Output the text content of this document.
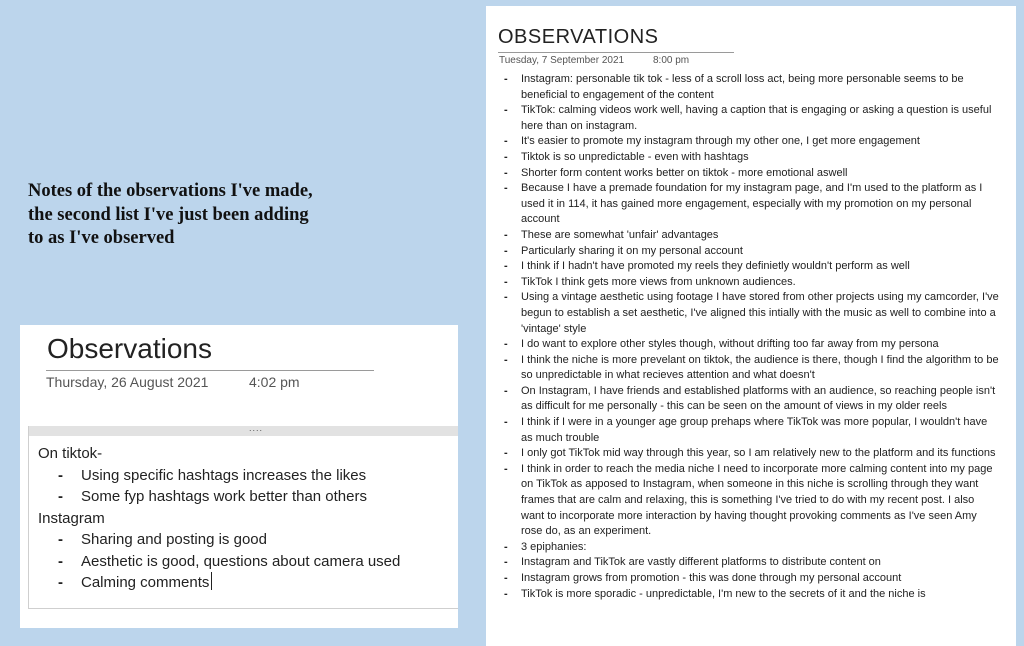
Notes of the observations I've made, the second list I've just been adding to as I've observed
OBSERVATIONS
Tuesday, 7 September 2021	8:00 pm
- Instagram: personable tik tok - less of a scroll loss act, being more personable seems to be beneficial to engagement of the content
- TikTok: calming videos work well, having a caption that is engaging or asking a question is useful here than on instagram.
- It's easier to promote my instagram through my other one, I get more engagement
- Tiktok is so unpredictable - even with hashtags
- Shorter form content works better on tiktok - more emotional aswell
- Because I have a premade foundation for my instagram page, and I'm used to the platform as I used it in 114, it has gained more engagement, especially with my promotion on my personal account
- These are somewhat 'unfair' advantages
- Particularly sharing it on my personal account
- I think if I hadn't have promoted my reels they definietly wouldn't perform as well
- TikTok I think gets more views from unknown audiences.
- Using a vintage aesthetic using footage I have stored from other projects using my camcorder, I've begun to establish a set aesthetic, I've aligned this intially with the music as well to combine into a 'vintage' style
- I do want to explore other styles though, without drifting too far away from my persona
- I think the niche is more prevelant on tiktok, the audience is there, though I find the algorithm to be so unpredictable in what recieves attention and what doesn't
- On Instagram, I have friends and established platforms with an audience, so reaching people isn't as difficult for me personally - this can be seen on the amount of views in my older reels
- I think if I were in a younger age group prehaps where TikTok was more popular, I wouldn't have as much trouble
- I only got TikTok mid way through this year, so I am relatively new to the platform and its functions
- I think in order to reach the media niche I need to incorporate more calming content into my page on TikTok as apposed to Instagram, when someone in this niche is scrolling through they want frames that are calm and relaxing, this is something I've tried to do with my recent post. I also want to incorporate more interaction by having thought provoking comments as I've seen Amy rose do, as an experiment.
- 3 epiphanies:
- Instagram and TikTok are vastly different platforms to distribute content on
- Instagram grows from promotion - this was done through my personal account
- TikTok is more sporadic - unpredictable, I'm new to the secrets of it and the niche is
Observations
Thursday, 26 August 2021	4:02 pm
....
On tiktok-
- Using specific hashtags increases the likes
- Some fyp hashtags work better than others
Instagram
- Sharing and posting is good
- Aesthetic is good, questions about camera used
- Calming comments
